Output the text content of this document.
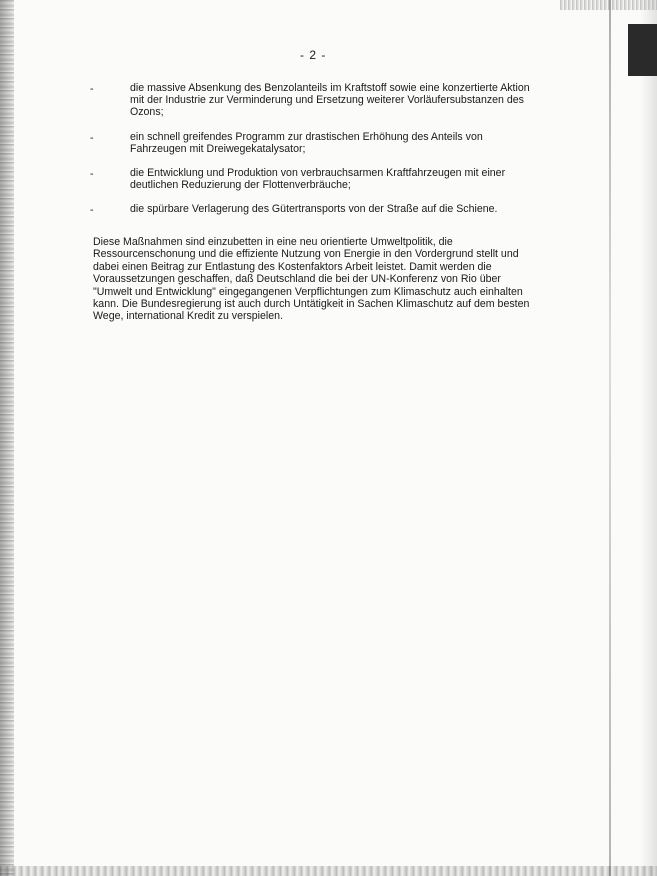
- 2 -
-	die massive Absenkung des Benzolanteils im Kraftstoff sowie eine konzertierte Aktion mit der Industrie zur Verminderung und Ersetzung weiterer Vorläufersubstanzen des Ozons;
-	ein schnell greifendes Programm zur drastischen Erhöhung des Anteils von Fahrzeugen mit Dreiwegekatalysator;
-	die Entwicklung und Produktion von verbrauchsarmen Kraftfahrzeugen mit einer deutlichen Reduzierung der Flottenverbräuche;
-	die spürbare Verlagerung des Gütertransports von der Straße auf die Schiene.

Diese Maßnahmen sind einzubetten in eine neu orientierte Umweltpolitik, die Ressourcenschonung und die effiziente Nutzung von Energie in den Vordergrund stellt und dabei einen Beitrag zur Entlastung des Kostenfaktors Arbeit leistet. Damit werden die Voraussetzungen geschaffen, daß Deutschland die bei der UN-Konferenz von Rio über "Umwelt und Entwicklung" eingegangenen Verpflichtungen zum Klimaschutz auch einhalten kann. Die Bundesregierung ist auch durch Untätigkeit in Sachen Klimaschutz auf dem besten Wege, international Kredit zu verspielen.
